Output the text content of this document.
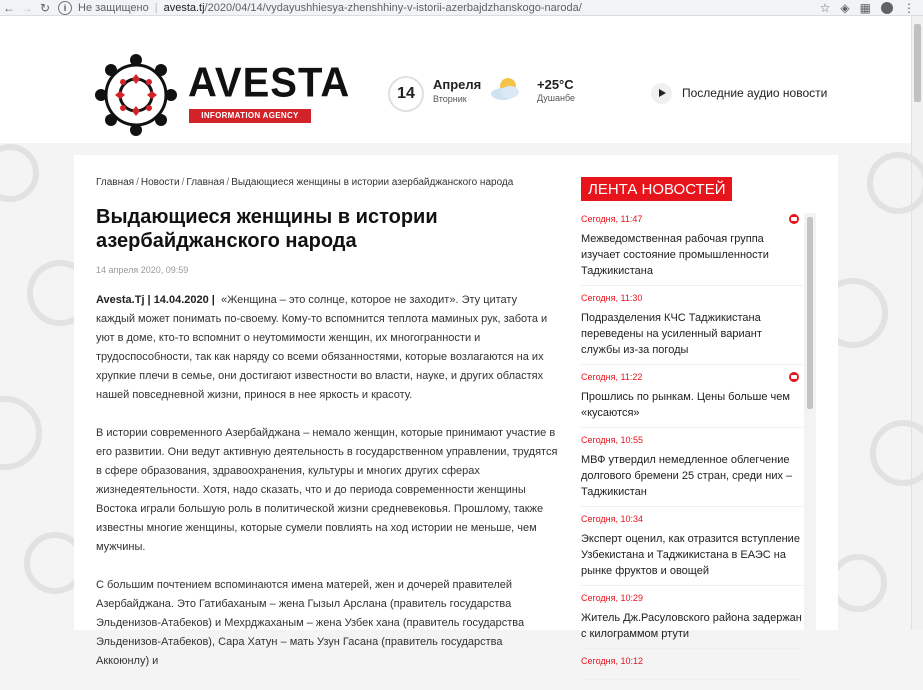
← → ↻	i	Не защищено | avesta.tj/2020/04/14/vydayushhiesya-zhenshhiny-v-istorii-azerbajdzhanskogo-naroda/	☆ ◈ ▦	⋮
AVESTA
INFORMATION AGENCY
14
Апреля
Вторник
+25°C
Душанбе	Последние аудио новости
Главная / Новости / Главная / Выдающиеся женщины в истории азербайджанского народа
Выдающиеся женщины в истории азербайджанского народа
14 апреля 2020, 09:59

Avesta.Tj | 14.04.2020 | «Женщина – это солнце, которое не заходит». Эту цитату каждый может понимать по-своему. Кому-то вспомнится теплота маминых рук, забота и уют в доме, кто-то вспомнит о неутомимости женщин, их многогранности и трудоспособности, так как наряду со всеми обязанностями, которые возлагаются на их хрупкие плечи в семье, они достигают известности во власти, науке, и других областях нашей повседневной жизни, принося в нее яркость и красоту.

В истории современного Азербайджана – немало женщин, которые принимают участие в его развитии. Они ведут активную деятельность в государственном управлении, трудятся в сфере образования, здравоохранения, культуры и многих других сферах жизнедеятельности. Хотя, надо сказать, что и до периода современности женщины Востока играли большую роль в политической жизни средневековья. Прошлому, также известны многие женщины, которые сумели повлиять на ход истории не меньше, чем мужчины.

С большим почтением вспоминаются имена матерей, жен и дочерей правителей Азербайджана. Это Гатибаханым – жена Гызыл Арслана (правитель государства Эльденизов-Атабеков) и Мехрджаханым – жена Узбек хана (правитель государства Эльденизов-Атабеков), Сара Хатун – мать Узун Гасана (правитель государства Аккоюнлу) и

ЛЕНТА НОВОСТЕЙ
Сегодня, 11:47
Межведомственная рабочая группа изучает состояние промышленности Таджикистана
Сегодня, 11:30
Подразделения КЧС Таджикистана переведены на усиленный вариант службы из-за погоды
Сегодня, 11:22
Прошлись по рынкам. Цены больше чем «кусаются»
Сегодня, 10:55
МВФ утвердил немедленное облегчение долгового бремени 25 стран, среди них – Таджикистан
Сегодня, 10:34
Эксперт оценил, как отразится вступление Узбекистана и Таджикистана в ЕАЭС на рынке фруктов и овощей
Сегодня, 10:29
Житель Дж.Расуловского района задержан с килограммом ртути
Сегодня, 10:12
